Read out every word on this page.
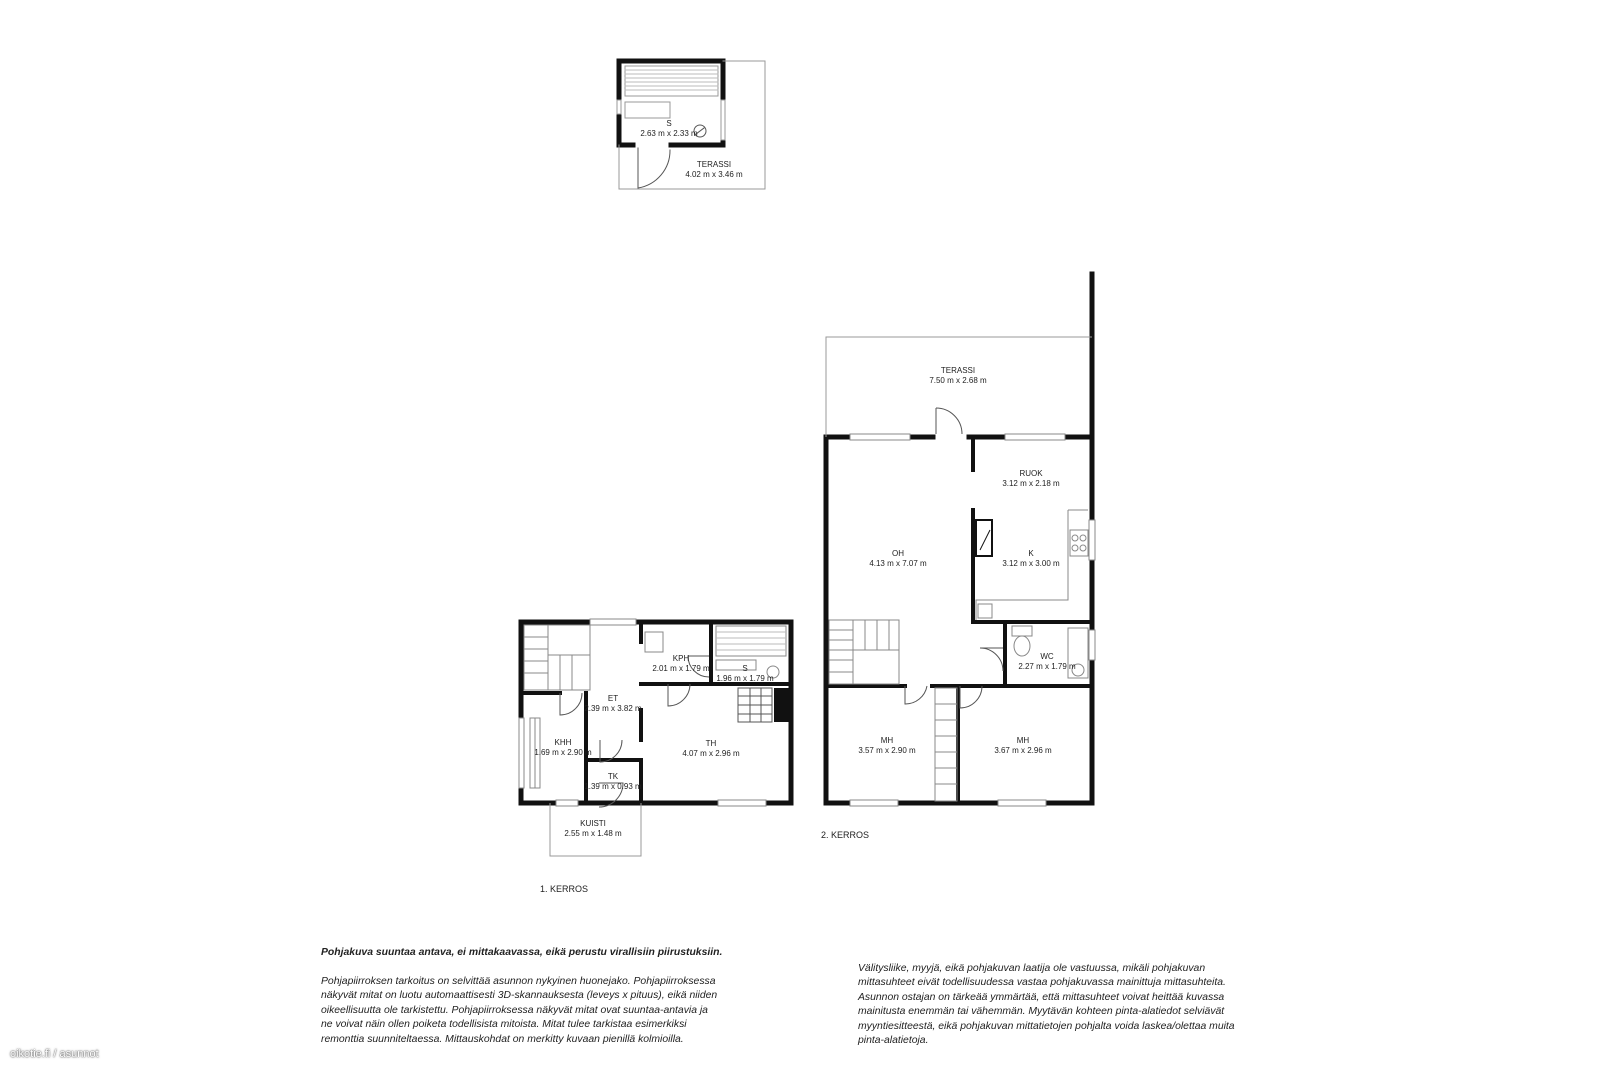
S
2.63 m x 2.33 m
TERASSI
4.02 m x 3.46 m
TERASSI
7.50 m x 2.68 m
RUOK
3.12 m x 2.18 m
OH
4.13 m x 7.07 m
K
3.12 m x 3.00 m
WC
2.27 m x 1.79 m
MH
3.57 m x 2.90 m
MH
3.67 m x 2.96 m
2. KERROS
KPH
2.01 m x 1.79 m	S
1.96 m x 1.79 m
ET
2.39 m x 3.82 m
TH
4.07 m x 2.96 m
KHH
1.69 m x 2.90 m
TK
1.39 m x 0.93 m
KUISTI
2.55 m x 1.48 m
1. KERROS

Pohjakuva suuntaa antava, ei mittakaavassa, eikä perustu virallisiin piirustuksiin.

Pohjapiirroksen tarkoitus on selvittää asunnon nykyinen huonejako. Pohjapiirroksessa

näkyvät mitat on luotu automaattisesti 3D-skannauksesta (leveys x pituus), eikä niiden

oikeellisuutta ole tarkistettu. Pohjapiirroksessa näkyvät mitat ovat suuntaa-antavia ja

ne voivat näin ollen poiketa todellisista mitoista. Mitat tulee tarkistaa esimerkiksi

remonttia suunniteltaessa. Mittauskohdat on merkitty kuvaan pienillä kolmioilla.

Välitysliike, myyjä, eikä pohjakuvan laatija ole vastuussa, mikäli pohjakuvan

mittasuhteet eivät todellisuudessa vastaa pohjakuvassa mainittuja mittasuhteita.

Asunnon ostajan on tärkeää ymmärtää, että mittasuhteet voivat heittää kuvassa

mainitusta enemmän tai vähemmän. Myytävän kohteen pinta-alatiedot selviävät

myyntiesitteestä, eikä pohjakuvan mittatietojen pohjalta voida laskea/olettaa muita

pinta-alatietoja.

oikotie.fi / asunnot
